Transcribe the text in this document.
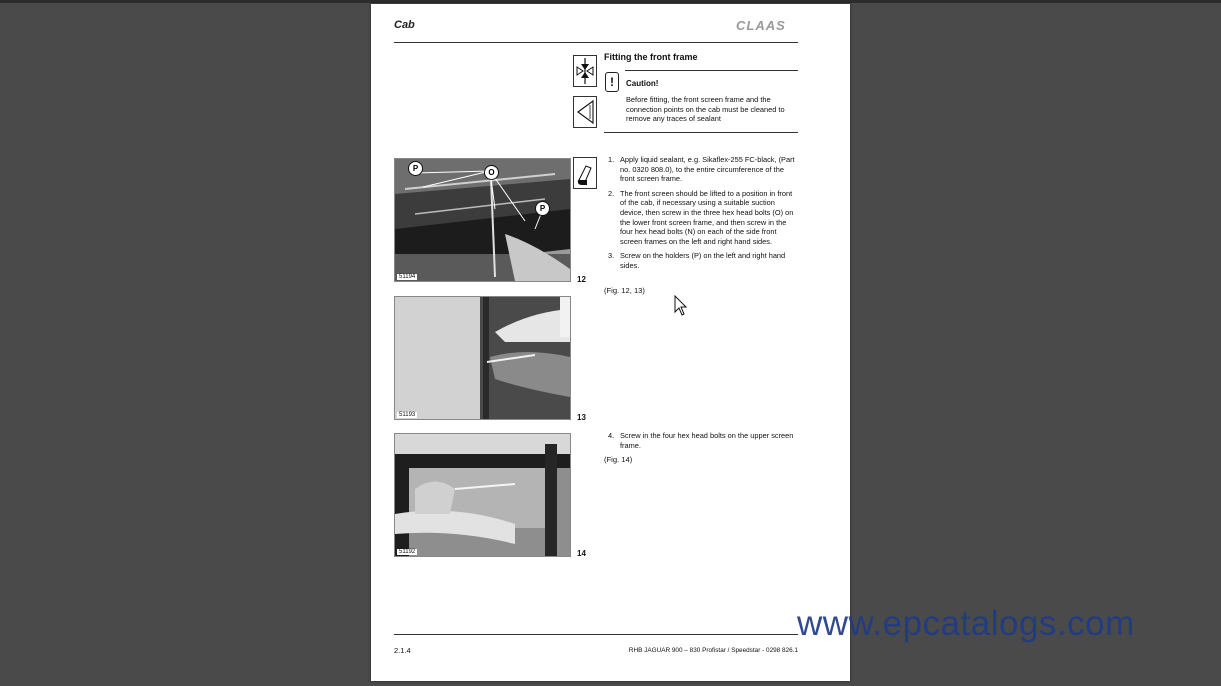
Cab	CLAAS
Fitting the front frame
!	Caution!
Before fitting, the front screen frame and the connection points on the cab must be cleaned to remove any traces of sealant
1. Apply liquid sealant, e.g. Sikaflex-255 FC-black, (Part no. 0320 808.0), to the entire circumference of the front screen frame.
2. The front screen should be lifted to a position in front of the cab, if necessary using a suitable suction device, then screw in the three hex head bolts (O) on the lower front screen frame, and then screw in the four hex head bolts (N) on each of the side front screen frames on the left and right hand sides.
3. Screw on the holders (P) on the left and right hand sides.
(Fig. 12, 13)
4. Screw in the four hex head bolts on the upper screen frame.
(Fig. 14)
P	O
P
51194	12
51193	13
51192	14
2.1.4	RHB JAGUAR 900 – 830 Profistar / Speedstar - 0298 826.1
www.epcatalogs.com
